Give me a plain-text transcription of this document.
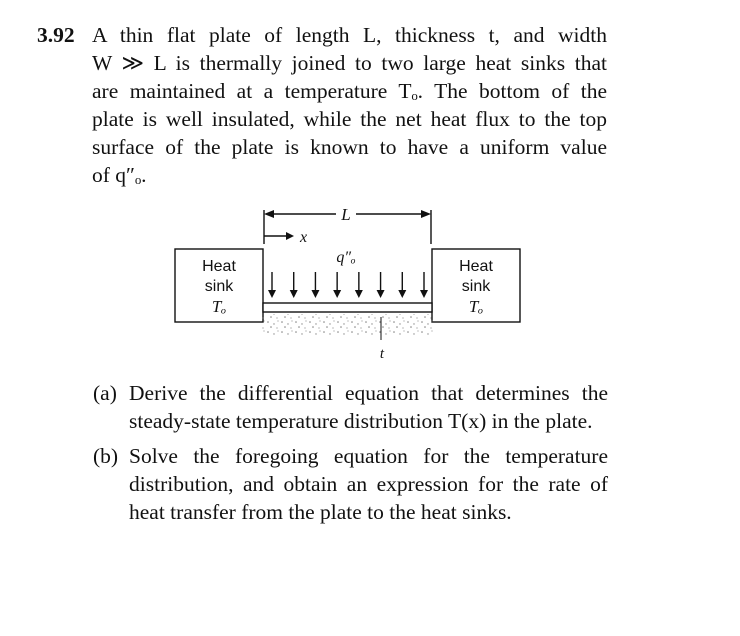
3.92 A thin flat plate of length L, thickness t, and width
W ≫ L is thermally joined to two large heat sinks that
are maintained at a temperature Tₒ. The bottom of the
plate is well insulated, while the net heat flux to the top
surface of the plate is known to have a uniform value
of q″ₒ.
L
x
Heat
sink
Tₒ
Heat
sink
Tₒ
q″ₒ
t
(a) Derive the differential equation that determines the
steady-state temperature distribution T(x) in the plate.
(b) Solve the foregoing equation for the temperature
distribution, and obtain an expression for the rate of
heat transfer from the plate to the heat sinks.
